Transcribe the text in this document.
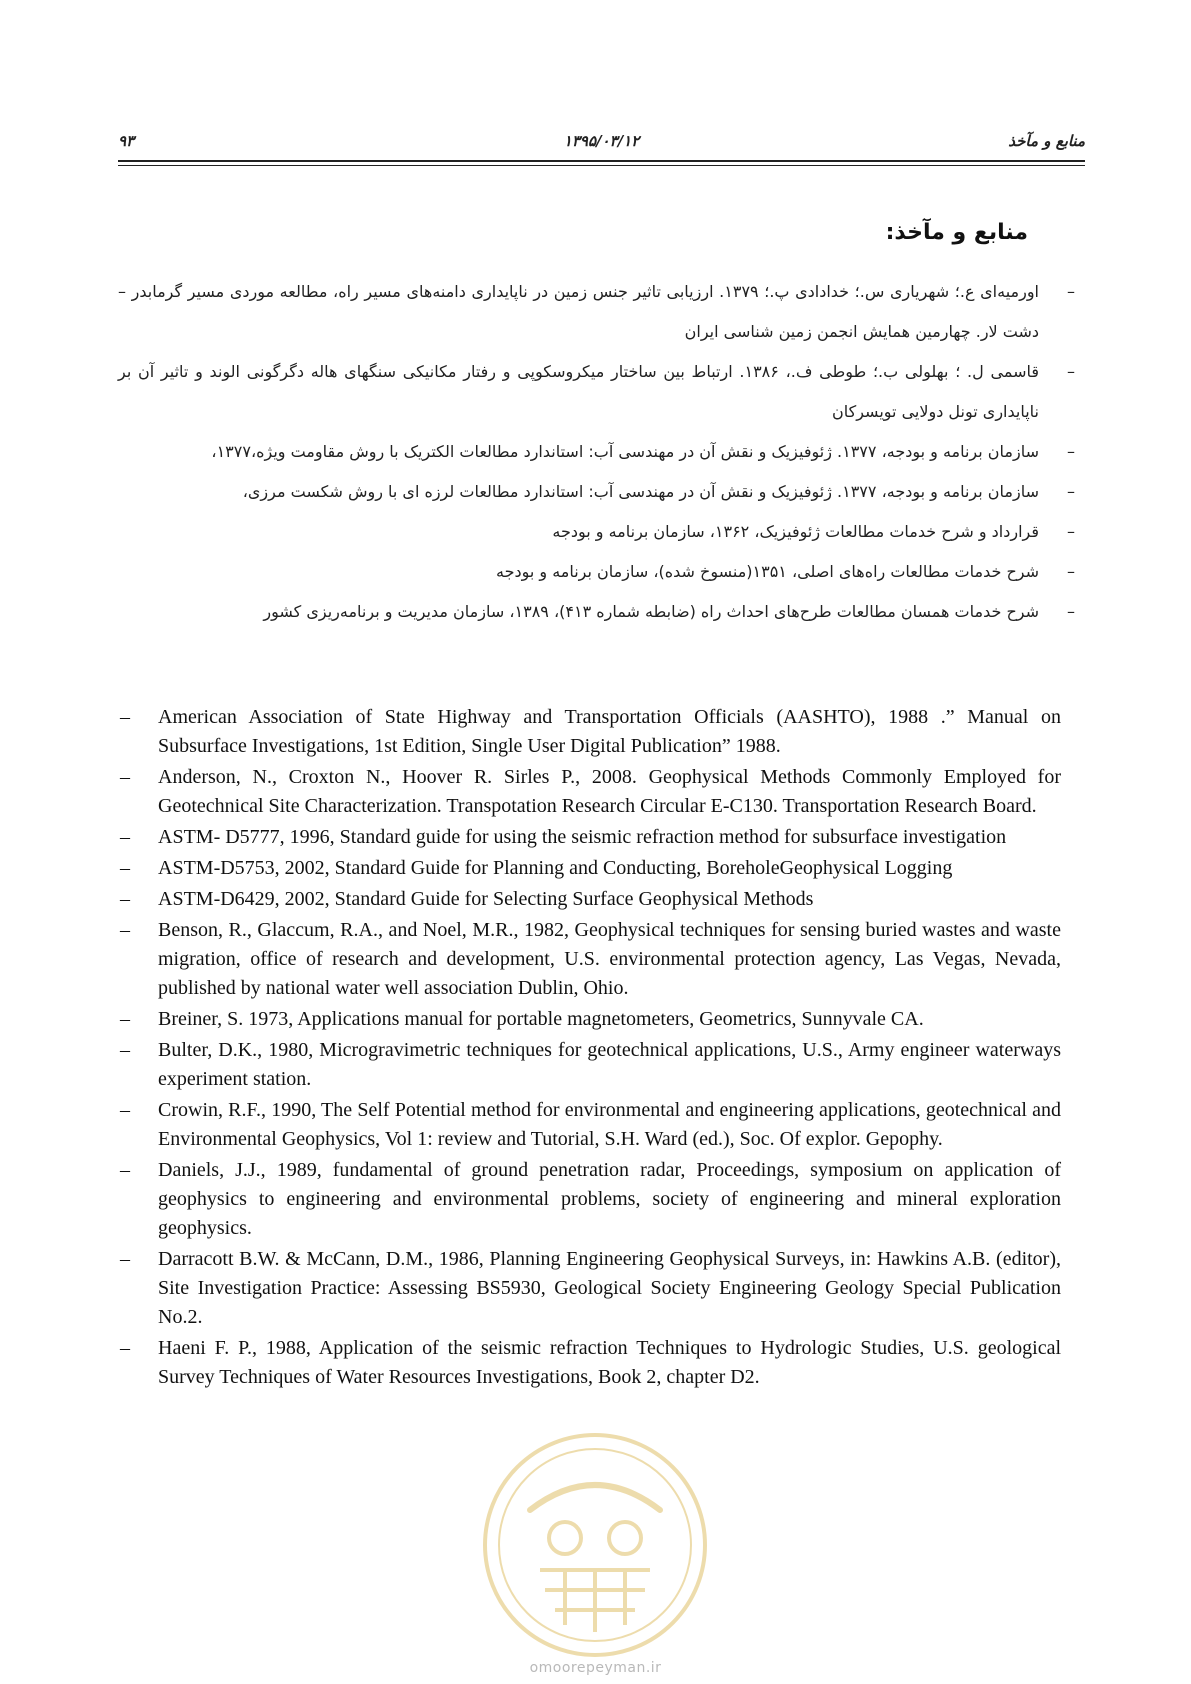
۹۳	۱۳۹۵/۰۳/۱۲	منابع و مآخذ
منابع و مآخذ:
–
اورمیه‌ای ع.؛ شهریاری س.؛ خدادادی پ.؛ ۱۳۷۹. ارزیابی تاثیر جنس زمین در ناپایداری دامنه‌های مسیر راه، مطالعه موردی مسیر گرمابدر – دشت لار. چهارمین همایش انجمن زمین شناسی ایران
–
قاسمی ل. ؛ بهلولی ب.؛ طوطی ف.، ۱۳۸۶. ارتباط بین ساختار میکروسکوپی و رفتار مکانیکی سنگهای هاله دگرگونی الوند و تاثیر آن بر ناپایداری تونل دولایی تویسرکان
–
سازمان برنامه و بودجه، ۱۳۷۷. ژئوفیزیک و نقش آن در مهندسی آب: استاندارد مطالعات الکتریک با روش مقاومت ویژه،۱۳۷۷،
–
سازمان برنامه و بودجه، ۱۳۷۷. ژئوفیزیک و نقش آن در مهندسی آب: استاندارد مطالعات لرزه ای با روش شکست مرزی،
–
قرارداد و شرح خدمات مطالعات ژئوفیزیک، ۱۳۶۲، سازمان برنامه و بودجه
–
شرح خدمات مطالعات راه‌های اصلی، ۱۳۵۱(منسوخ شده)، سازمان برنامه و بودجه
–
شرح خدمات همسان مطالعات طرح‌های احداث راه (ضابطه شماره ۴۱۳)، ۱۳۸۹، سازمان مدیریت و برنامه‌ریزی کشور
– American Association of State Highway and Transportation Officials (AASHTO), 1988 .” Manual on Subsurface Investigations, 1st Edition, Single User Digital Publication” 1988.
– Anderson, N., Croxton N., Hoover R. Sirles P., 2008. Geophysical Methods Commonly Employed for Geotechnical Site Characterization. Transpotation Research Circular E-C130. Transportation Research Board.
– ASTM- D5777, 1996, Standard guide for using the seismic refraction method for subsurface investigation
– ASTM-D5753, 2002, Standard Guide for Planning and Conducting, BoreholeGeophysical Logging
– ASTM-D6429, 2002, Standard Guide for Selecting Surface Geophysical Methods
– Benson, R., Glaccum, R.A., and Noel, M.R., 1982, Geophysical techniques for sensing buried wastes and waste migration, office of research and development, U.S. environmental protection agency, Las Vegas, Nevada, published by national water well association Dublin, Ohio.
– Breiner, S. 1973, Applications manual for portable magnetometers, Geometrics, Sunnyvale CA.
– Bulter, D.K., 1980, Microgravimetric techniques for geotechnical applications, U.S., Army engineer waterways experiment station.
– Crowin, R.F., 1990, The Self Potential method for environmental and engineering applications, geotechnical and Environmental Geophysics, Vol 1: review and Tutorial, S.H. Ward (ed.), Soc. Of explor. Gepophy.
– Daniels, J.J., 1989, fundamental of ground penetration radar, Proceedings, symposium on application of geophysics to engineering and environmental problems, society of engineering and mineral exploration geophysics.
– Darracott B.W. & McCann, D.M., 1986, Planning Engineering Geophysical Surveys, in: Hawkins A.B. (editor), Site Investigation Practice: Assessing BS5930, Geological Society Engineering Geology Special Publication No.2.
– Haeni F. P., 1988, Application of the seismic refraction Techniques to Hydrologic Studies, U.S. geological Survey Techniques of Water Resources Investigations, Book 2, chapter D2.
omoorepeyman.ir
